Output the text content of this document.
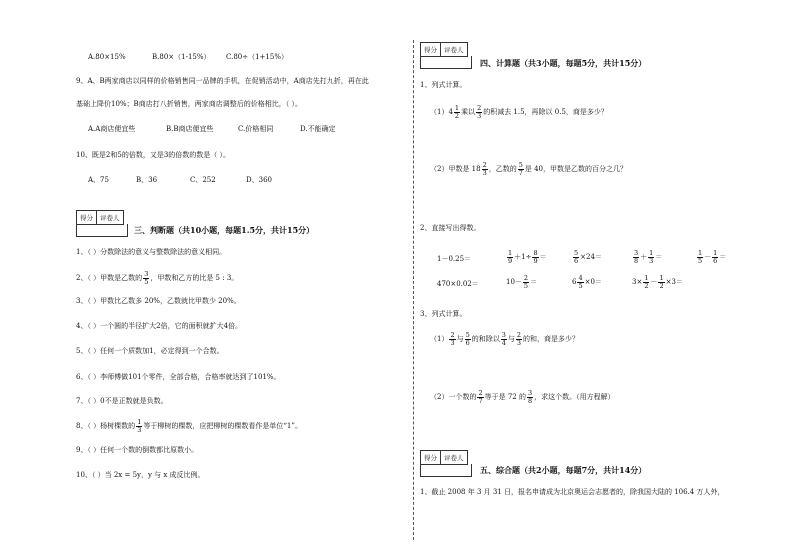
A.80×15%	B.80×（1-15%） C.80÷（1+15%）
9、A、B两家商店以同样的价格销售同一品牌的手机，在促销活动中，A商店先打九折，再在此
基础上降价10%；B商店打八折销售，两家商店调整后的价格相比，（ ）。
A.A商店便宜些	B.B商店便宜些	C.价格相同	D.不能确定
10、既是2和5的倍数，又是3的倍数的数是（ ）。
A、75	B、36	C、252	D、360
得分	评卷人
三、判断题（共10小题，每题1.5分，共计15分）
1、（ ）分数除法的意义与整数除法的意义相同。
2、（ ）甲数是乙数的 $\frac{3}{5}$ ，甲数和乙方的比是 5 : 3。
3、（ ）甲数比乙数多 20%，乙数就比甲数少 20%。
4、（ ）一个圆的半径扩大2倍，它的面积就扩大4倍。
5、（ ）任何一个质数加1，必定得到一个合数。
6、（ ）李师傅做101个零件，全部合格，合格率就达到了101%。
7、（ ）0不是正数就是负数。
8、（ ）杨树棵数的 $\frac{1}{3}$ 等于柳树的棵数，应把柳树的棵数看作是单位“1”。
9、（ ）任何一个数的倒数都比原数小。
10、（ ）当 2x = 5y，y 与 x 成反比例。
得分	评卷人
四、计算题（共3小题，每题5分，共计15分）
1、列式计算。
$(1)4 \frac{1}{2}$ 乘以 $\frac{2}{3}$ 的积减去 1.5，再除以 0.5，商是多少？
（2）甲数是 $18 \frac{2}{3}$ ，乙数的 $\frac{5}{7}$ 是 40，甲数是乙数的百分之几？
2、直接写出得数。
1－0.25＝	$\frac{1}{9} +1\div \frac{8}{9}$ ＝	$\frac{5}{6} \times 24=$	$\frac{3}{8} + \frac{1}{3}$ ＝	$\frac{1}{5} - \frac{1}{6}$ ＝
470×0.02＝	$10- \frac{2}{5}$ ＝	$6 \frac{4}{5} \times 0=$	$3\times \frac{1}{2} - \frac{1}{2} \times 3=$
3、列式计算。
$(1) \frac{2}{3}$ 与 $\frac{5}{6}$ 的和除以 $\frac{3}{4}$ 与 $\frac{2}{3}$ 的和，商是多少？
（2）一个数的 $\frac{2}{7}$ 等于是 72 的 $\frac{3}{8}$ ，求这个数。（用方程解）
得分	评卷人
五、综合题（共2小题，每题7分，共计14分）
1、截止 2008 年 3 月 31 日，报名申请成为北京奥运会志愿者的，除我国大陆的 106.4 万人外，
